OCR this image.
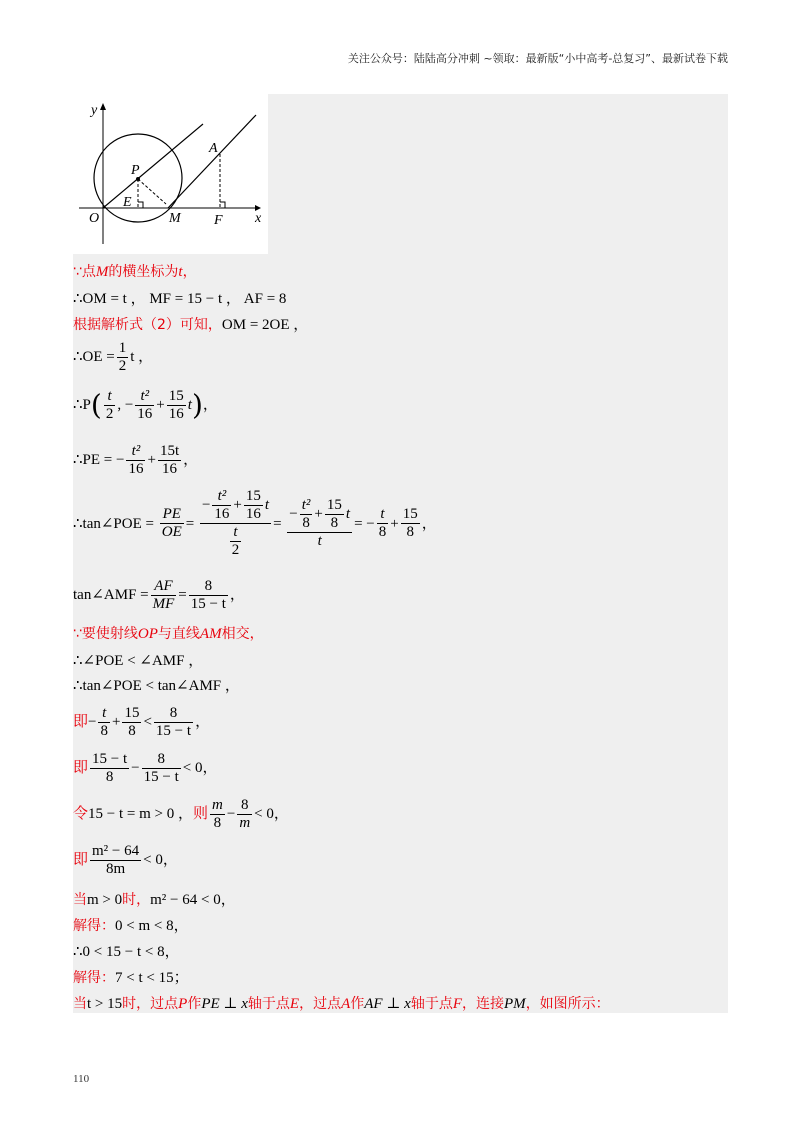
关注公众号：陆陆高分冲刺 ~领取：最新版“小中高考-总复习”、最新试卷下载
y
x
P
A
E
O	M F
∵点M的横坐标为t，
∴OM = t ， MF = 15 − t ， AF = 8
根据解析式（2）可知，OM = 2OE ，
∴OE = $\frac{1}{2}$ t ，
∴P( $\frac{t}{2}$ , − $\frac{\text{t²}}{16} + \frac{15}{16} t$)，
∴PE = − $\frac{\text{t²}}{16} + \frac{15t}{16}$ ，
∴tan∠POE = $\frac{PE}{OE} = \frac{- \frac{\text{t²}}{16} + \frac{15}{16} t}{\frac{t}{2}} = \frac{- \frac{\text{t²}}{8} + \frac{15}{8} t}{t}$ = − $\frac{t}{8} + \frac{15}{8}$ ，
tan∠AMF = $\frac{AF}{MF} = \frac{8}{15 - t}$ ，
∵要使射线OP与直线AM相交，
∴∠POE < ∠AMF ，
∴tan∠POE < tan∠AMF ，
即− $\frac{t}{8} + \frac{15}{8} < \frac{8}{15 - t}$ ，
即 $\frac{15 - t}{8} - \frac{8}{15 - t} < 0$，
令15 − t = m > 0 ，则 $\frac{m}{8} - \frac{8}{m} < 0$，
即 $\frac{\text{m² − 64}}{8m} < 0$，
当m > 0时，m² − 64 < 0，
解得：0 < m < 8，
∴0 < 15 − t < 8，
解得：7 < t < 15；
当t > 15时，过点P作PE ⊥ x轴于点E，过点A作AF ⊥ x轴于点F，连接PM，如图所示：
110
